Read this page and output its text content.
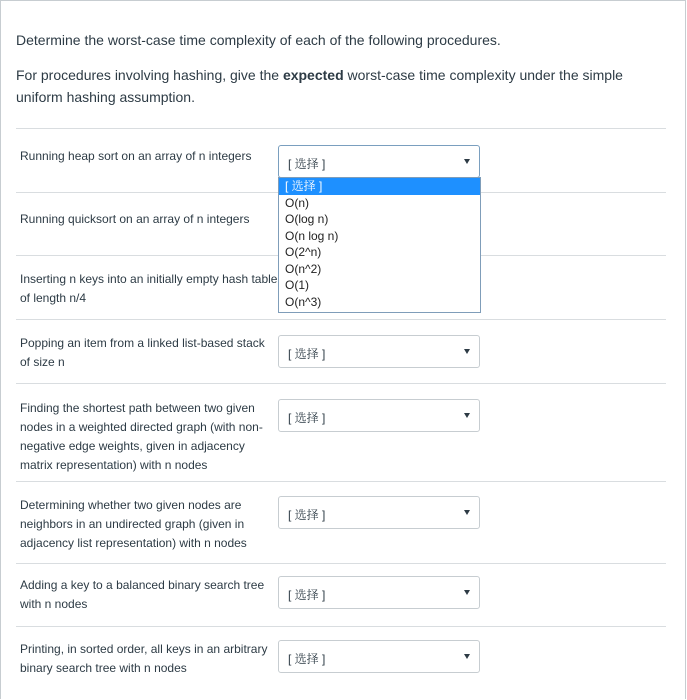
Determine the worst-case time complexity of each of the following procedures.

For procedures involving hashing, give the expected worst-case time complexity under the simple uniform hashing assumption.

Running heap sort on an array of n integers
[ 选择 ]
Running quicksort on an array of n integers
Inserting n keys into an initially empty hash table of length n/4
Popping an item from a linked list-based stack of size n
[ 选择 ]
Finding the shortest path between two given nodes in a weighted directed graph (with non-negative edge weights, given in adjacency matrix representation) with n nodes
[ 选择 ]
Determining whether two given nodes are neighbors in an undirected graph (given in adjacency list representation) with n nodes
[ 选择 ]
Adding a key to a balanced binary search tree with n nodes
[ 选择 ]
Printing, in sorted order, all keys in an arbitrary binary search tree with n nodes
[ 选择 ]
[ 选择 ]
O(n)
O(log n)
O(n log n)
O(2^n)
O(n^2)
O(1)
O(n^3)
